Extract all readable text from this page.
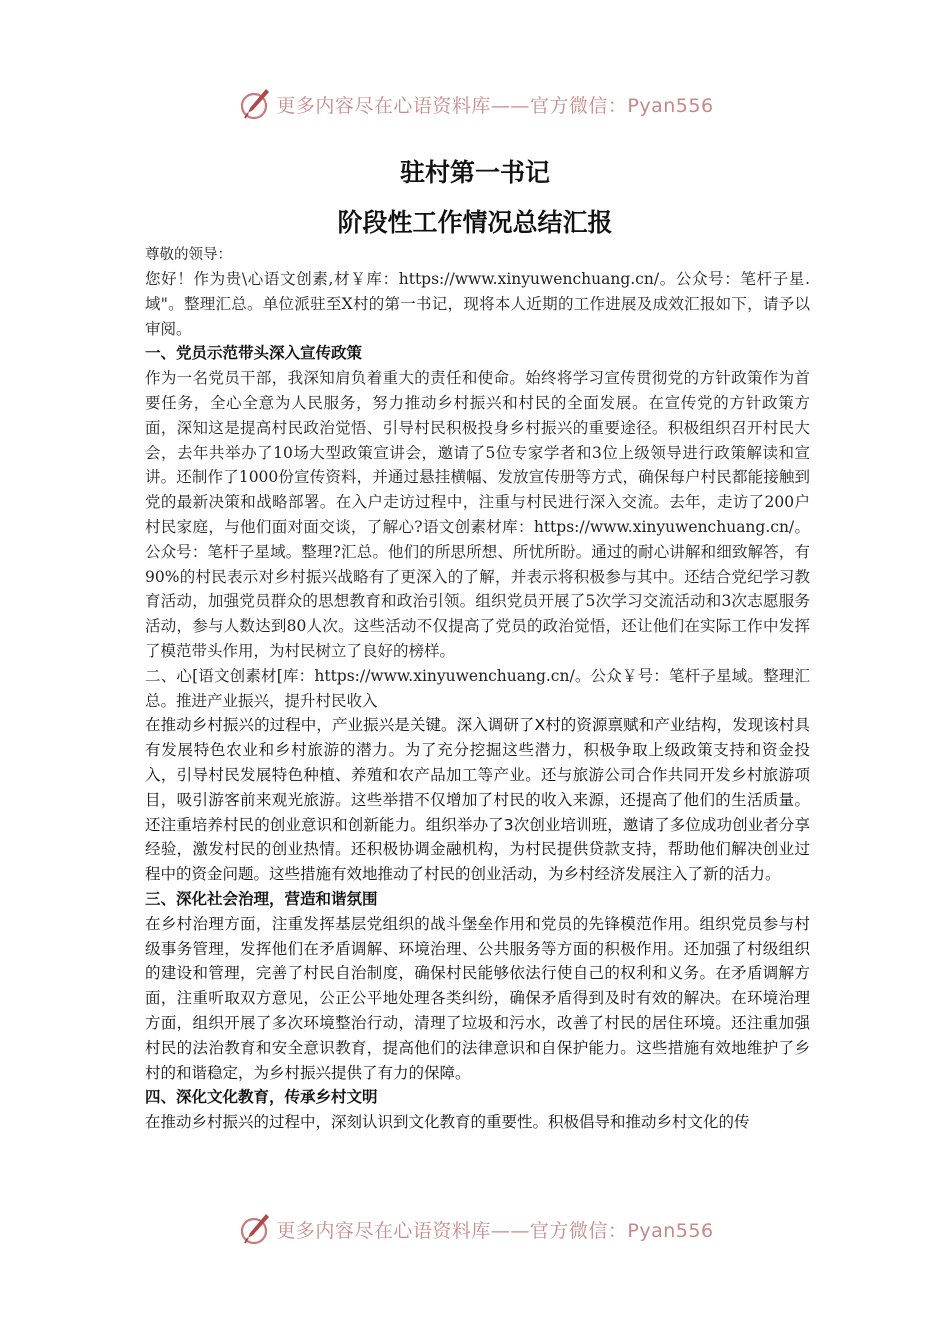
更多内容尽在心语资料库——官方微信：Pyan556
驻村第一书记
阶段性工作情况总结汇报

尊敬的领导：

您好！作为贵\心语文创素,材￥库：https://www.xinyuwenchuang.cn/。公众号：笔杆子星.域"。整理汇总。单位派驻至X村的第一书记，现将本人近期的工作进展及成效汇报如下，请予以审阅。

一、党员示范带头深入宣传政策

作为一名党员干部，我深知肩负着重大的责任和使命。始终将学习宣传贯彻党的方针政策作为首要任务，全心全意为人民服务，努力推动乡村振兴和村民的全面发展。在宣传党的方针政策方面，深知这是提高村民政治觉悟、引导村民积极投身乡村振兴的重要途径。积极组织召开村民大会，去年共举办了10场大型政策宣讲会，邀请了5位专家学者和3位上级领导进行政策解读和宣讲。还制作了1000份宣传资料，并通过悬挂横幅、发放宣传册等方式，确保每户村民都能接触到党的最新决策和战略部署。在入户走访过程中，注重与村民进行深入交流。去年，走访了200户村民家庭，与他们面对面交谈，了解心?语文创素材库：https://www.xinyuwenchuang.cn/。公众号：笔杆子星域。整理?汇总。他们的所思所想、所忧所盼。通过的耐心讲解和细致解答，有90%的村民表示对乡村振兴战略有了更深入的了解，并表示将积极参与其中。还结合党纪学习教育活动，加强党员群众的思想教育和政治引领。组织党员开展了5次学习交流活动和3次志愿服务活动，参与人数达到80人次。这些活动不仅提高了党员的政治觉悟，还让他们在实际工作中发挥了模范带头作用，为村民树立了良好的榜样。

二、心[语文创素材[库：https://www.xinyuwenchuang.cn/。公众￥号：笔杆子星域。整理汇总。推进产业振兴，提升村民收入

在推动乡村振兴的过程中，产业振兴是关键。深入调研了X村的资源禀赋和产业结构，发现该村具有发展特色农业和乡村旅游的潜力。为了充分挖掘这些潜力，积极争取上级政策支持和资金投入，引导村民发展特色种植、养殖和农产品加工等产业。还与旅游公司合作共同开发乡村旅游项目，吸引游客前来观光旅游。这些举措不仅增加了村民的收入来源，还提高了他们的生活质量。还注重培养村民的创业意识和创新能力。组织举办了3次创业培训班，邀请了多位成功创业者分享经验，激发村民的创业热情。还积极协调金融机构，为村民提供贷款支持，帮助他们解决创业过程中的资金问题。这些措施有效地推动了村民的创业活动，为乡村经济发展注入了新的活力。

三、深化社会治理，营造和谐氛围

在乡村治理方面，注重发挥基层党组织的战斗堡垒作用和党员的先锋模范作用。组织党员参与村级事务管理，发挥他们在矛盾调解、环境治理、公共服务等方面的积极作用。还加强了村级组织的建设和管理，完善了村民自治制度，确保村民能够依法行使自己的权利和义务。在矛盾调解方面，注重听取双方意见，公正公平地处理各类纠纷，确保矛盾得到及时有效的解决。在环境治理方面，组织开展了多次环境整治行动，清理了垃圾和污水，改善了村民的居住环境。还注重加强村民的法治教育和安全意识教育，提高他们的法律意识和自保护能力。这些措施有效地维护了乡村的和谐稳定，为乡村振兴提供了有力的保障。

四、深化文化教育，传承乡村文明

在推动乡村振兴的过程中，深刻认识到文化教育的重要性。积极倡导和推动乡村文化的传

更多内容尽在心语资料库——官方微信：Pyan556
